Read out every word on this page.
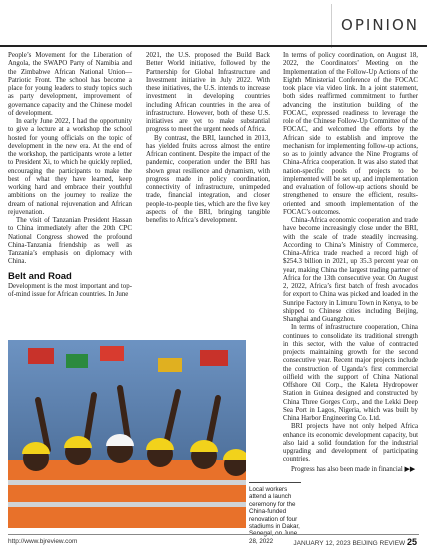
OPINION

People’s Movement for the Liberation of Angola, the SWAPO Party of Namibia and the Zimbabwe African National Union—Patriotic Front. The school has become a place for young leaders to study topics such as party development, improvement of governance capacity and the Chinese model of development.

In early June 2022, I had the opportunity to give a lecture at a workshop the school hosted for young officials on the topic of development in the new era. At the end of the workshop, the participants wrote a letter to President Xi, to which he quickly replied, encouraging the participants to make the best of what they have learned, keep working hard and embrace their youthful ambitions on the journey to realize the dream of national rejuvenation and African rejuvenation.

The visit of Tanzanian President Hassan to China immediately after the 20th CPC National Congress showed the profound China-Tanzania friendship as well as Tanzania’s emphasis on diplomacy with China.

Belt and Road

Development is the most important and top-of-mind issue for African countries. In June

2021, the U.S. proposed the Build Back Better World initiative, followed by the Partnership for Global Infrastructure and Investment initiative in July 2022. With these initiatives, the U.S. intends to increase investment in developing countries including African countries in the area of infrastructure. However, both of these U.S. initiatives are yet to make substantial progress to meet the urgent needs of Africa.

By contrast, the BRI, launched in 2013, has yielded fruits across almost the entire African continent. Despite the impact of the pandemic, cooperation under the BRI has shown great resilience and dynamism, with progress made in policy coordination, connectivity of infrastructure, unimpeded trade, financial integration, and closer people-to-people ties, which are the five key aspects of the BRI, bringing tangible benefits to Africa’s development.

In terms of policy coordination, on August 18, 2022, the Coordinators’ Meeting on the Implementation of the Follow-Up Actions of the Eighth Ministerial Conference of the FOCAC took place via video link. In a joint statement, both sides reaffirmed commitment to further advancing the institution building of the FOCAC, expressed readiness to leverage the role of the Chinese Follow-Up Committee of the FOCAC, and welcomed the efforts by the African side to establish and improve the mechanism for implementing follow-up actions, so as to jointly advance the Nine Programs of China-Africa cooperation. It was also stated that nation-specific pools of projects to be implemented will be set up, and implementation and evaluation of follow-up actions should be strengthened to ensure the efficient, results-oriented and smooth implementation of the FOCAC’s outcomes.

China-Africa economic cooperation and trade have become increasingly close under the BRI, with the scale of trade steadily increasing. According to China’s Ministry of Commerce, China-Africa trade reached a record high of $254.3 billion in 2021, up 35.3 percent year on year, making China the largest trading partner of Africa for the 13th consecutive year. On August 2, 2022, Africa’s first batch of fresh avocados for export to China was picked and loaded in the Sunripe Factory in Limuru Town in Kenya, to be shipped to Chinese cities including Beijing, Shanghai and Guangzhou.

In terms of infrastructure cooperation, China continues to consolidate its traditional strength in this sector, with the value of contracted projects maintaining growth for the second consecutive year. Recent major projects include the construction of Uganda’s first commercial oilfield with the support of China National Offshore Oil Corp., the Kaleta Hydropower Station in Guinea designed and constructed by China Three Gorges Corp., and the Lekki Deep Sea Port in Lagos, Nigeria, which was built by China Harbor Engineering Co. Ltd.

BRI projects have not only helped Africa enhance its economic development capacity, but also laid a solid foundation for the industrial upgrading and development of participating countries.

Progress has also been made in financial ▶▶

Local workers attend a launch ceremony for the China-funded renovation of four stadiums in Dakar, 28, 2022
http://www.bjreview.com	JANUARY 12, 2023 BEIJING REVIEW 25
